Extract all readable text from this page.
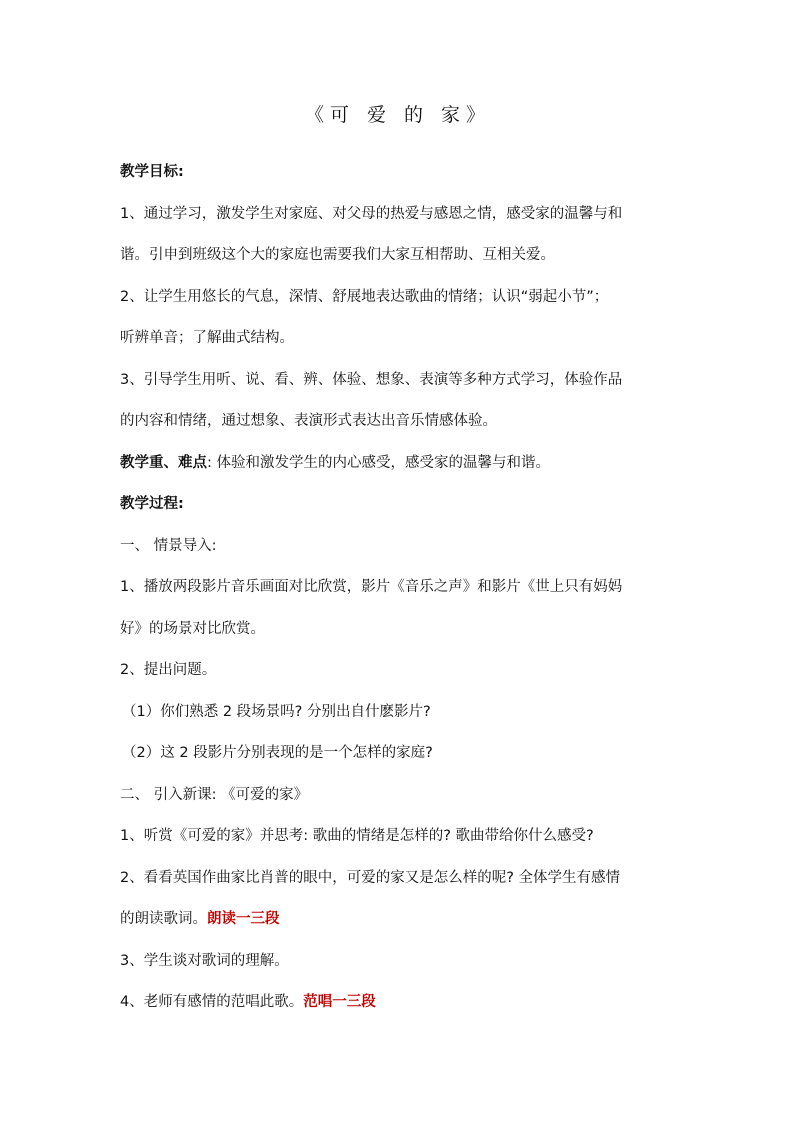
《可 爱 的 家》

教学目标:

1、通过学习，激发学生对家庭、对父母的热爱与感恩之情，感受家的温馨与和

谐。引申到班级这个大的家庭也需要我们大家互相帮助、互相关爱。

2、让学生用悠长的气息，深情、舒展地表达歌曲的情绪；认识“弱起小节”；

听辨单音；了解曲式结构。

3、引导学生用听、说、看、辨、体验、想象、表演等多种方式学习，体验作品

的内容和情绪，通过想象、表演形式表达出音乐情感体验。

教学重、难点: 体验和激发学生的内心感受，感受家的温馨与和谐。

教学过程:

一、 情景导入:

1、播放两段影片音乐画面对比欣赏，影片《音乐之声》和影片《世上只有妈妈

好》的场景对比欣赏。

2、提出问题。

（1）你们熟悉 2 段场景吗? 分别出自什麽影片?

（2）这 2 段影片分别表现的是一个怎样的家庭?

二、 引入新课: 《可爱的家》

1、听赏《可爱的家》并思考: 歌曲的情绪是怎样的? 歌曲带给你什么感受?

2、看看英国作曲家比肖普的眼中，可爱的家又是怎么样的呢? 全体学生有感情

的朗读歌词。朗读一三段

3、学生谈对歌词的理解。

4、老师有感情的范唱此歌。范唱一三段
